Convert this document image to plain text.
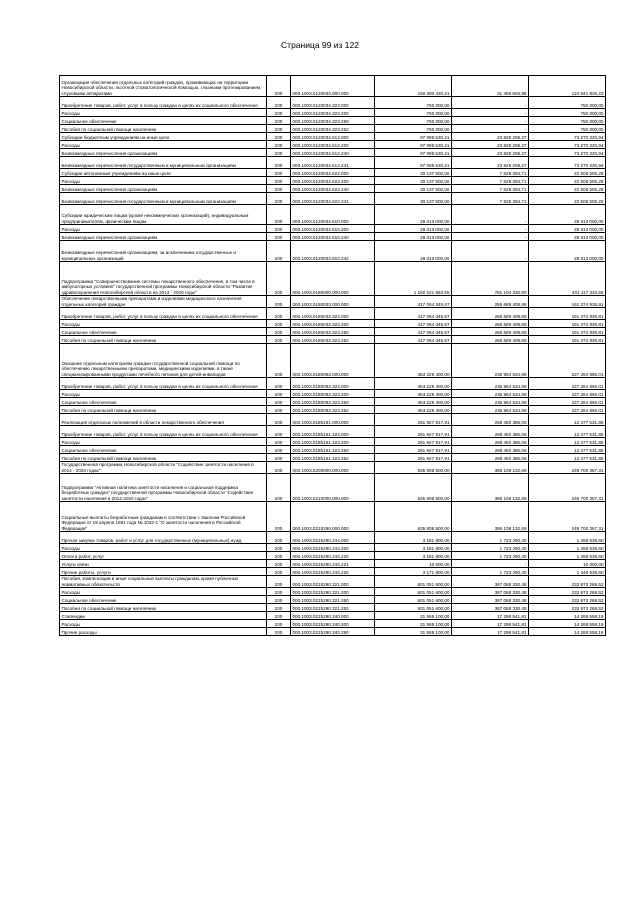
Страница 99 из 122
Организация обеспечения отдельных категорий граждан, проживающих на территории Новосибирской области, льготной стоматологической помощью, глазными протезированием, слуховыми аппаратами	200	000.1003.0120034.000.000	156 300 430,21	31 458 603,98	124 841 826,23
Приобретение товаров, работ, услуг в пользу граждан в целях их социального обеспечения	200	000.1003.0120034.323.000	750 000,00	-	750 000,00
Расходы	200	000.1003.0120034.323.200	750 000,00	-	750 000,00
Социальное обеспечение	200	000.1003.0120034.323.260	750 000,00	-	750 000,00
Пособия по социальной помощи населению	200	000.1003.0120034.323.262	750 000,00	-	750 000,00
Субсидии бюджетным учреждениям на иные цели	200	000.1003.0120034.612.000	97 099 530,21	23 829 209,27	73 270 320,94
Расходы	200	000.1003.0120034.612.200	97 099 530,21	23 829 209,27	73 270 320,94
Безвозмездные перечисления организациям	200	000.1003.0120034.612.240	97 099 530,21	23 829 209,27	73 270 320,94
Безвозмездные перечисления государственным и муниципальным организациям	200	000.1003.0120034.612.241	97 099 530,21	23 829 209,27	73 270 320,94
Субсидии автономным учреждениям на иные цели	200	000.1003.0120034.622.000	30 137 900,00	7 629 394,71	22 508 505,29
Расходы	200	000.1003.0120034.622.200	30 137 900,00	7 629 394,71	22 508 505,29
Безвозмездные перечисления организациям	200	000.1003.0120034.622.240	30 137 900,00	7 629 394,71	22 508 505,29
Безвозмездные перечисления государственным и муниципальным организациям	200	000.1003.0120034.622.241	30 137 900,00	7 629 394,71	22 508 505,29
Субсидии юридическим лицам (кроме некоммерческих организаций), индивидуальным предпринимателям, физическим лицам	200	000.1003.0120034.810.000	28 313 000,00	-	28 313 000,00
Расходы	200	000.1003.0120034.810.200	28 313 000,00	-	28 313 000,00
Безвозмездные перечисления организациям	200	000.1003.0120034.810.240	28 313 000,00	-	28 313 000,00
Безвозмездные перечисления организациям, за исключением государственных и муниципальных организаций	200	000.1003.0120034.810.242	28 313 000,00	-	28 313 000,00
Подпрограмма "Совершенствование системы лекарственного обеспечения, в том числе в амбулаторных условиях" государственной программы Новосибирской области "Развитие здравоохранения Новосибирской области на 2013 - 2020 годы"	200	000.1003.0180000.000.000	1 182 221 663,58	781 104 330,90	401 117 332,68
Обеспечение лекарственными препаратами и изделиями медицинского назначения отдельных категорий граждан	200	000.1003.0180033.000.000	417 064 345,67	255 689 409,86	161 374 935,81
Приобретение товаров, работ, услуг в пользу граждан в целях их социального обеспечения	200	000.1003.0180033.323.000	417 064 345,67	255 689 409,86	161 374 935,81
Расходы	200	000.1003.0180033.323.200	417 064 345,67	255 689 409,86	161 374 935,81
Социальное обеспечение	200	000.1003.0180033.323.260	417 064 345,67	255 689 409,86	161 374 935,81
Пособия по социальной помощи населению	200	000.1003.0180033.323.262	417 064 345,67	255 689 409,86	161 374 935,81
Оказание отдельным категориям граждан государственной социальной помощи по обеспечению лекарственными препаратами, медицинскими изделиями, в также специализированными продуктами лечебного питания для детей-инвалидов	200	000.1003.0180093.000.000	463 229 400,00	235 964 534,99	227 264 865,01
Приобретение товаров, работ, услуг в пользу граждан в целях их социального обеспечения	200	000.1003.0180093.323.000	463 229 400,00	235 964 534,99	227 264 865,01
Расходы	200	000.1003.0180093.323.200	463 229 400,00	235 964 534,99	227 264 865,01
Социальное обеспечение	200	000.1003.0180093.323.260	463 229 400,00	235 964 534,99	227 264 865,01
Пособия по социальной помощи населению	200	000.1003.0180093.323.262	463 229 400,00	235 964 534,99	227 264 865,01
Реализация отдельных полномочий в области лекарственного обеспечения	200	000.1003.0185161.000.000	281 927 917,91	269 450 386,05	12 477 531,86
Приобретение товаров, работ, услуг в пользу граждан в целях их социального обеспечения	200	000.1003.0185161.323.000	281 927 917,91	269 450 386,05	12 477 531,86
Расходы	200	000.1003.0185161.323.200	281 927 917,91	269 450 386,05	12 477 531,86
Социальное обеспечение	200	000.1003.0185161.323.260	281 927 917,91	269 450 386,05	12 477 531,86
Пособия по социальной помощи населению	200	000.1003.0185161.323.262	281 927 917,91	269 450 386,05	12 477 531,86
Государственная программа Новосибирской области "Содействие занятости населения в 2014 - 2020 годах"	200	000.1003.0200000.000.000	635 808 500,00	386 108 132,69	249 700 367,31
Подпрограмма "Активная политика занятости населения и социальная поддержка безработных граждан" государственной программы Новосибирской области "Содействие занятости населения в 2014-2020 годах"	200	000.1003.0210000.000.000	635 808 500,00	386 108 132,69	249 700 367,31
Социальные выплаты безработным гражданам в соответствии с Законом Российской Федерации от 19 апреля 1991 года № 1032-1 "О занятости населения в Российской Федерации"	200	000.1003.0215290.000.000	635 808 500,00	386 108 132,69	249 700 367,31
Прочая закупка товаров, работ и услуг для государственных (муниципальных) нужд	200	000.1003.0215290.244.000	3 181 800,00	1 723 260,40	1 458 539,60
Расходы	200	000.1003.0215290.244.200	3 181 800,00	1 723 260,40	1 458 539,60
Оплата работ, услуг	200	000.1003.0215290.244.220	3 181 800,00	1 723 260,40	1 458 539,60
Услуги связи	200	000.1003.0215290.244.221	10 000,00	-	10 000,00
Прочие работы, услуги	200	000.1003.0215290.244.226	3 171 800,00	1 723 260,40	1 448 539,60
Пособия, компенсации и иные социальные выплаты гражданам, кроме публичных нормативных обязательств	200	000.1003.0215290.321.000	601 051 600,00	367 088 330,48	233 973 269,52
Расходы	200	000.1003.0215290.321.200	601 051 600,00	367 088 330,48	233 973 269,52
Социальное обеспечение	200	000.1003.0215290.321.260	601 051 600,00	367 088 330,48	233 973 269,52
Пособия по социальной помощи населению	200	000.1003.0215290.321.262	601 051 600,00	367 088 330,48	233 973 269,52
Стипендии	200	000.1003.0215290.340.000	31 565 100,00	17 296 541,81	14 268 558,19
Расходы	200	000.1003.0215290.340.200	31 565 100,00	17 296 541,81	14 268 558,19
Прочие расходы	200	000.1003.0215290.340.290	31 565 100,00	17 296 541,81	14 268 558,19
